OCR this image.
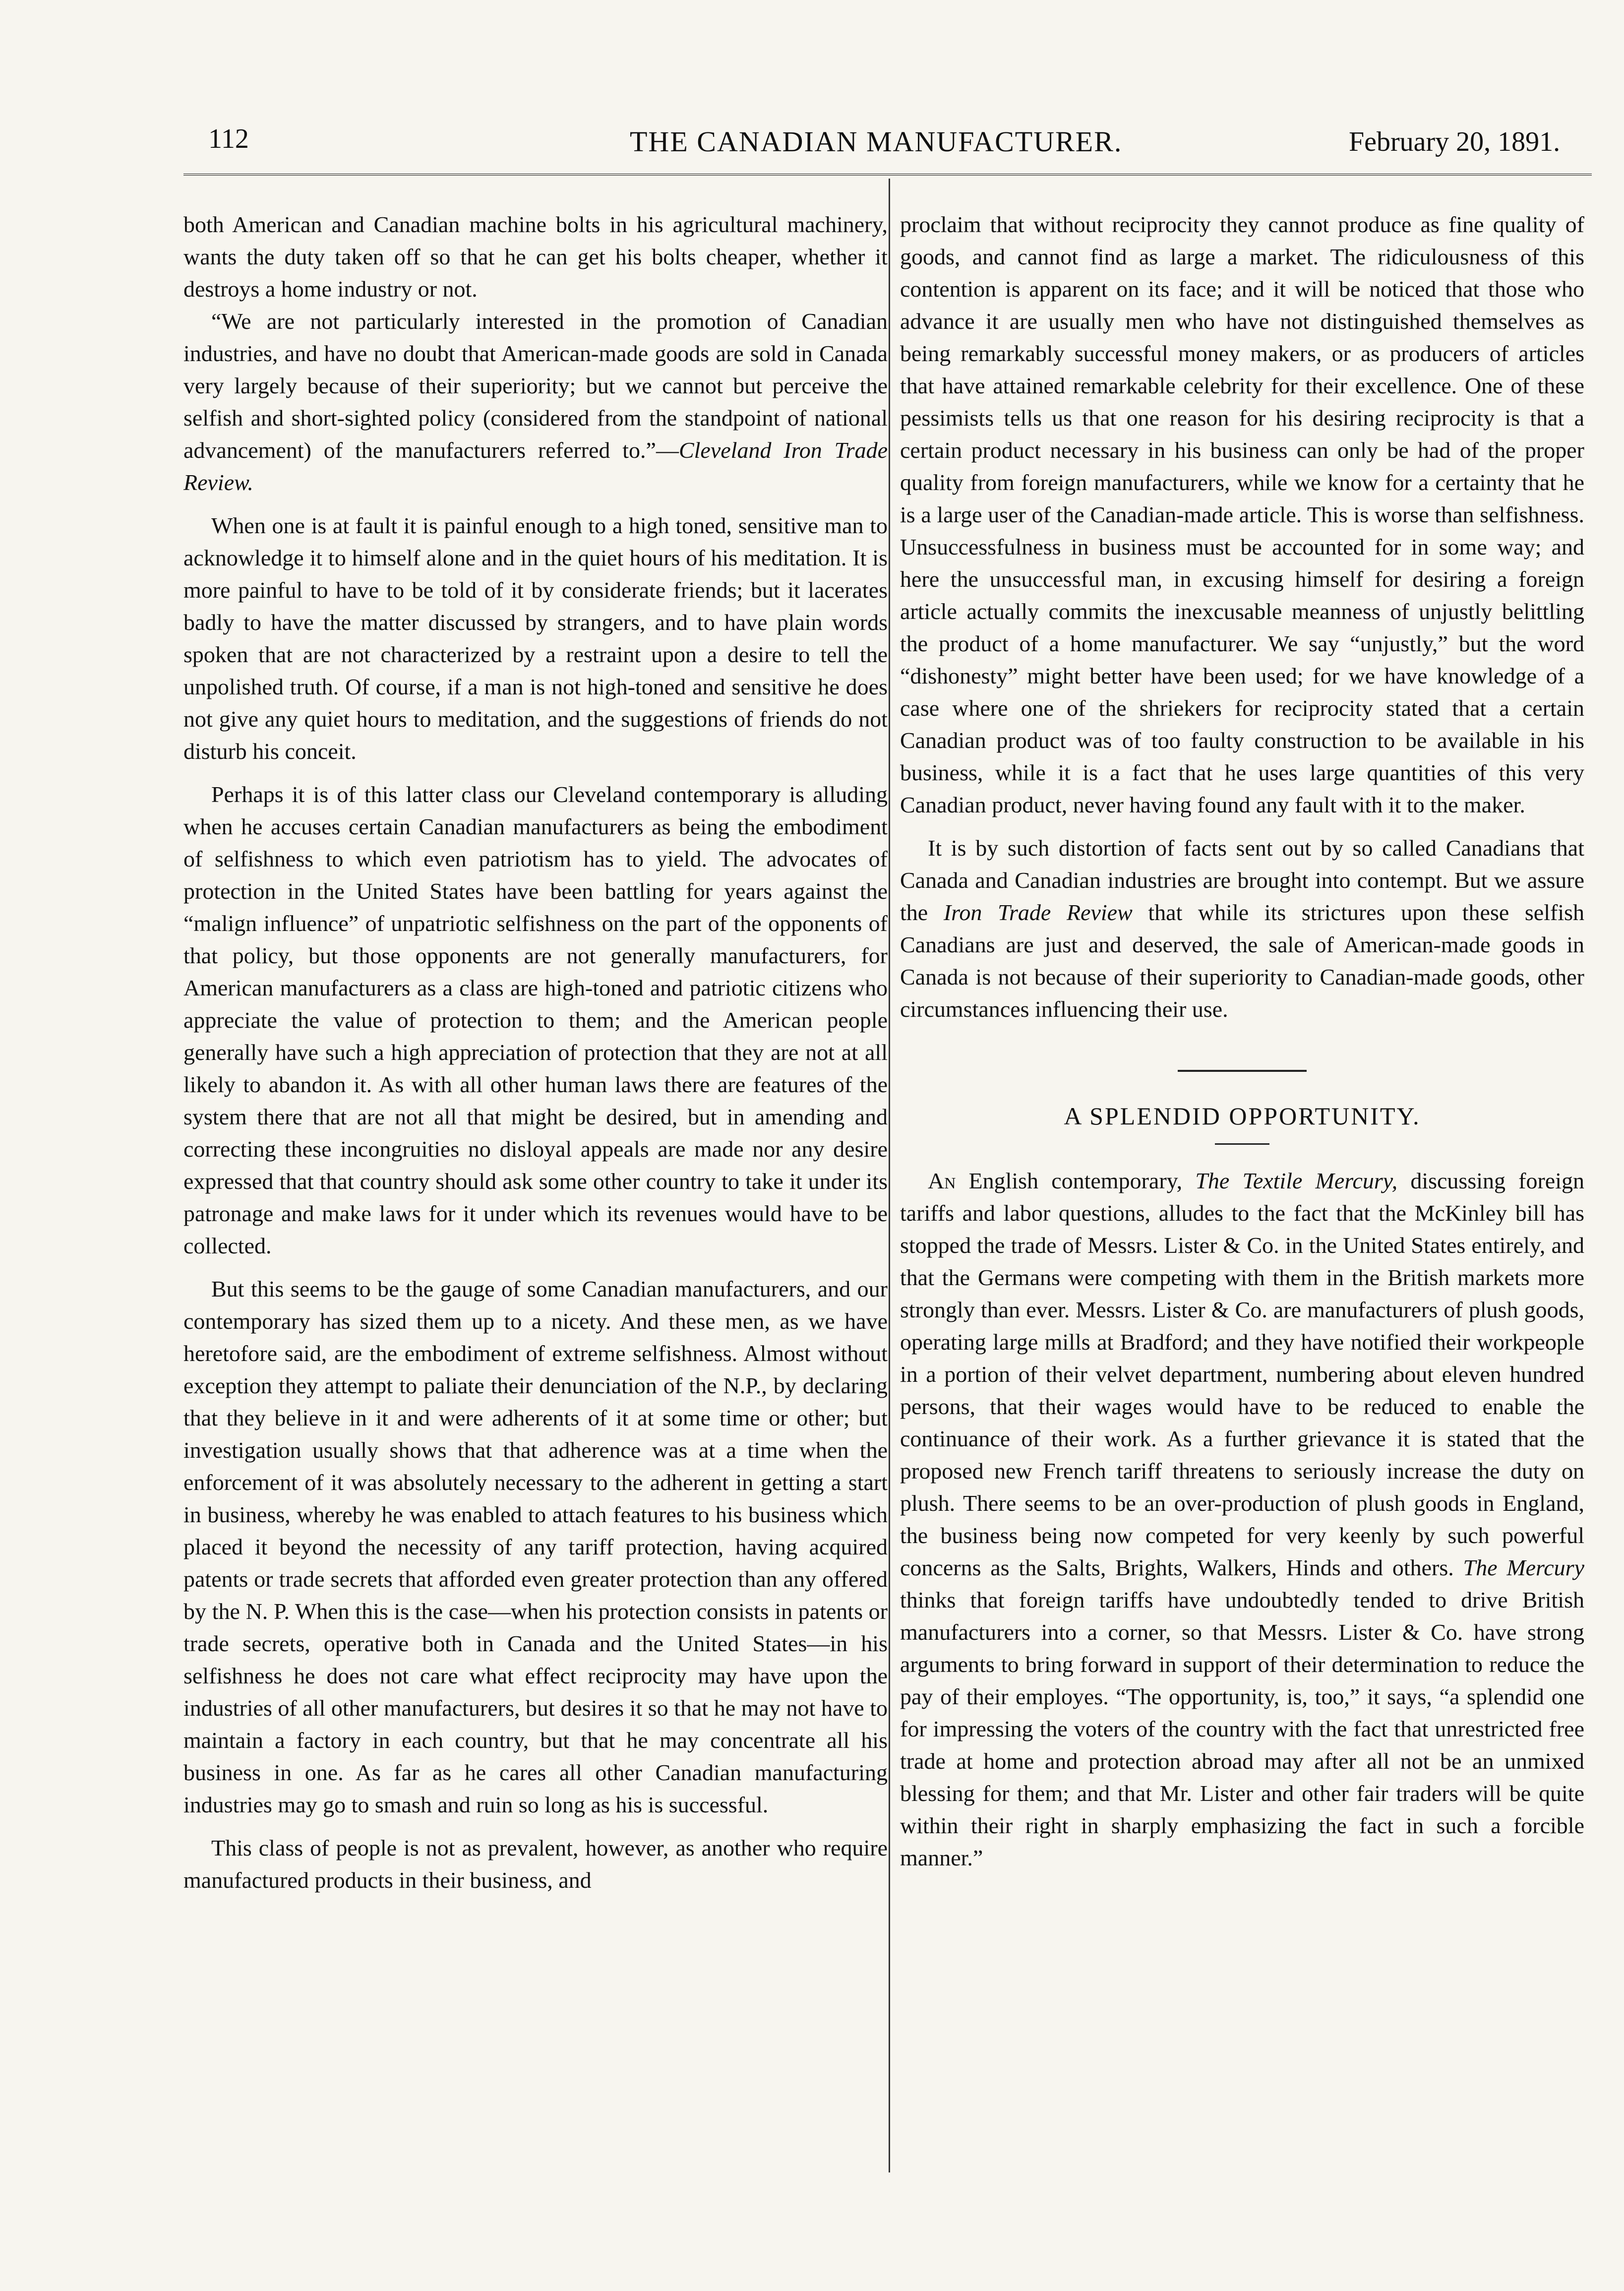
112	THE CANADIAN MANUFACTURER.	February 20, 1891.

both American and Canadian machine bolts in his agricultural machinery, wants the duty taken off so that he can get his bolts cheaper, whether it destroys a home industry or not.

“We are not particularly interested in the promotion of Canadian industries, and have no doubt that American-made goods are sold in Canada very largely because of their superiority; but we cannot but perceive the selfish and short-sighted policy (considered from the standpoint of national advancement) of the manufacturers referred to.”—Cleveland Iron Trade Review.

When one is at fault it is painful enough to a high toned, sensitive man to acknowledge it to himself alone and in the quiet hours of his meditation. It is more painful to have to be told of it by considerate friends; but it lacerates badly to have the matter discussed by strangers, and to have plain words spoken that are not characterized by a restraint upon a desire to tell the unpolished truth. Of course, if a man is not high-toned and sensitive he does not give any quiet hours to meditation, and the suggestions of friends do not disturb his conceit.

Perhaps it is of this latter class our Cleveland contemporary is alluding when he accuses certain Canadian manufacturers as being the embodiment of selfishness to which even patriotism has to yield. The advocates of protection in the United States have been battling for years against the “malign influence” of unpatriotic selfishness on the part of the opponents of that policy, but those opponents are not generally manufacturers, for American manufacturers as a class are high-toned and patriotic citizens who appreciate the value of protection to them; and the American people generally have such a high appreciation of protection that they are not at all likely to abandon it. As with all other human laws there are features of the system there that are not all that might be desired, but in amending and correcting these incongruities no disloyal appeals are made nor any desire expressed that that country should ask some other country to take it under its patronage and make laws for it under which its revenues would have to be collected.

But this seems to be the gauge of some Canadian manufacturers, and our contemporary has sized them up to a nicety. And these men, as we have heretofore said, are the embodiment of extreme selfishness. Almost without exception they attempt to paliate their denunciation of the N.P., by declaring that they believe in it and were adherents of it at some time or other; but investigation usually shows that that adherence was at a time when the enforcement of it was absolutely necessary to the adherent in getting a start in business, whereby he was enabled to attach features to his business which placed it beyond the necessity of any tariff protection, having acquired patents or trade secrets that afforded even greater protection than any offered by the N. P. When this is the case—when his protection consists in patents or trade secrets, operative both in Canada and the United States—in his selfishness he does not care what effect reciprocity may have upon the industries of all other manufacturers, but desires it so that he may not have to maintain a factory in each country, but that he may concentrate all his business in one. As far as he cares all other Canadian manufacturing industries may go to smash and ruin so long as his is successful.

This class of people is not as prevalent, however, as another who require manufactured products in their business, and

proclaim that without reciprocity they cannot produce as fine quality of goods, and cannot find as large a market. The ridiculousness of this contention is apparent on its face; and it will be noticed that those who advance it are usually men who have not distinguished themselves as being remarkably successful money makers, or as producers of articles that have attained remarkable celebrity for their excellence. One of these pessimists tells us that one reason for his desiring reciprocity is that a certain product necessary in his business can only be had of the proper quality from foreign manufacturers, while we know for a certainty that he is a large user of the Canadian-made article. This is worse than selfishness. Unsuccessfulness in business must be accounted for in some way; and here the unsuccessful man, in excusing himself for desiring a foreign article actually commits the inexcusable meanness of unjustly belittling the product of a home manufacturer. We say “unjustly,” but the word “dishonesty” might better have been used; for we have knowledge of a case where one of the shriekers for reciprocity stated that a certain Canadian product was of too faulty construction to be available in his business, while it is a fact that he uses large quantities of this very Canadian product, never having found any fault with it to the maker.

It is by such distortion of facts sent out by so called Canadians that Canada and Canadian industries are brought into contempt. But we assure the Iron Trade Review that while its strictures upon these selfish Canadians are just and deserved, the sale of American-made goods in Canada is not because of their superiority to Canadian-made goods, other circumstances influencing their use.

A SPLENDID OPPORTUNITY.

An English contemporary, The Textile Mercury, discussing foreign tariffs and labor questions, alludes to the fact that the McKinley bill has stopped the trade of Messrs. Lister & Co. in the United States entirely, and that the Germans were competing with them in the British markets more strongly than ever. Messrs. Lister & Co. are manufacturers of plush goods, operating large mills at Bradford; and they have notified their workpeople in a portion of their velvet department, numbering about eleven hundred persons, that their wages would have to be reduced to enable the continuance of their work. As a further grievance it is stated that the proposed new French tariff threatens to seriously increase the duty on plush. There seems to be an over-production of plush goods in England, the business being now competed for very keenly by such powerful concerns as the Salts, Brights, Walkers, Hinds and others. The Mercury thinks that foreign tariffs have undoubtedly tended to drive British manufacturers into a corner, so that Messrs. Lister & Co. have strong arguments to bring forward in support of their determination to reduce the pay of their employes. “The opportunity, is, too,” it says, “a splendid one for impressing the voters of the country with the fact that unrestricted free trade at home and protection abroad may after all not be an unmixed blessing for them; and that Mr. Lister and other fair traders will be quite within their right in sharply emphasizing the fact in such a forcible manner.”
